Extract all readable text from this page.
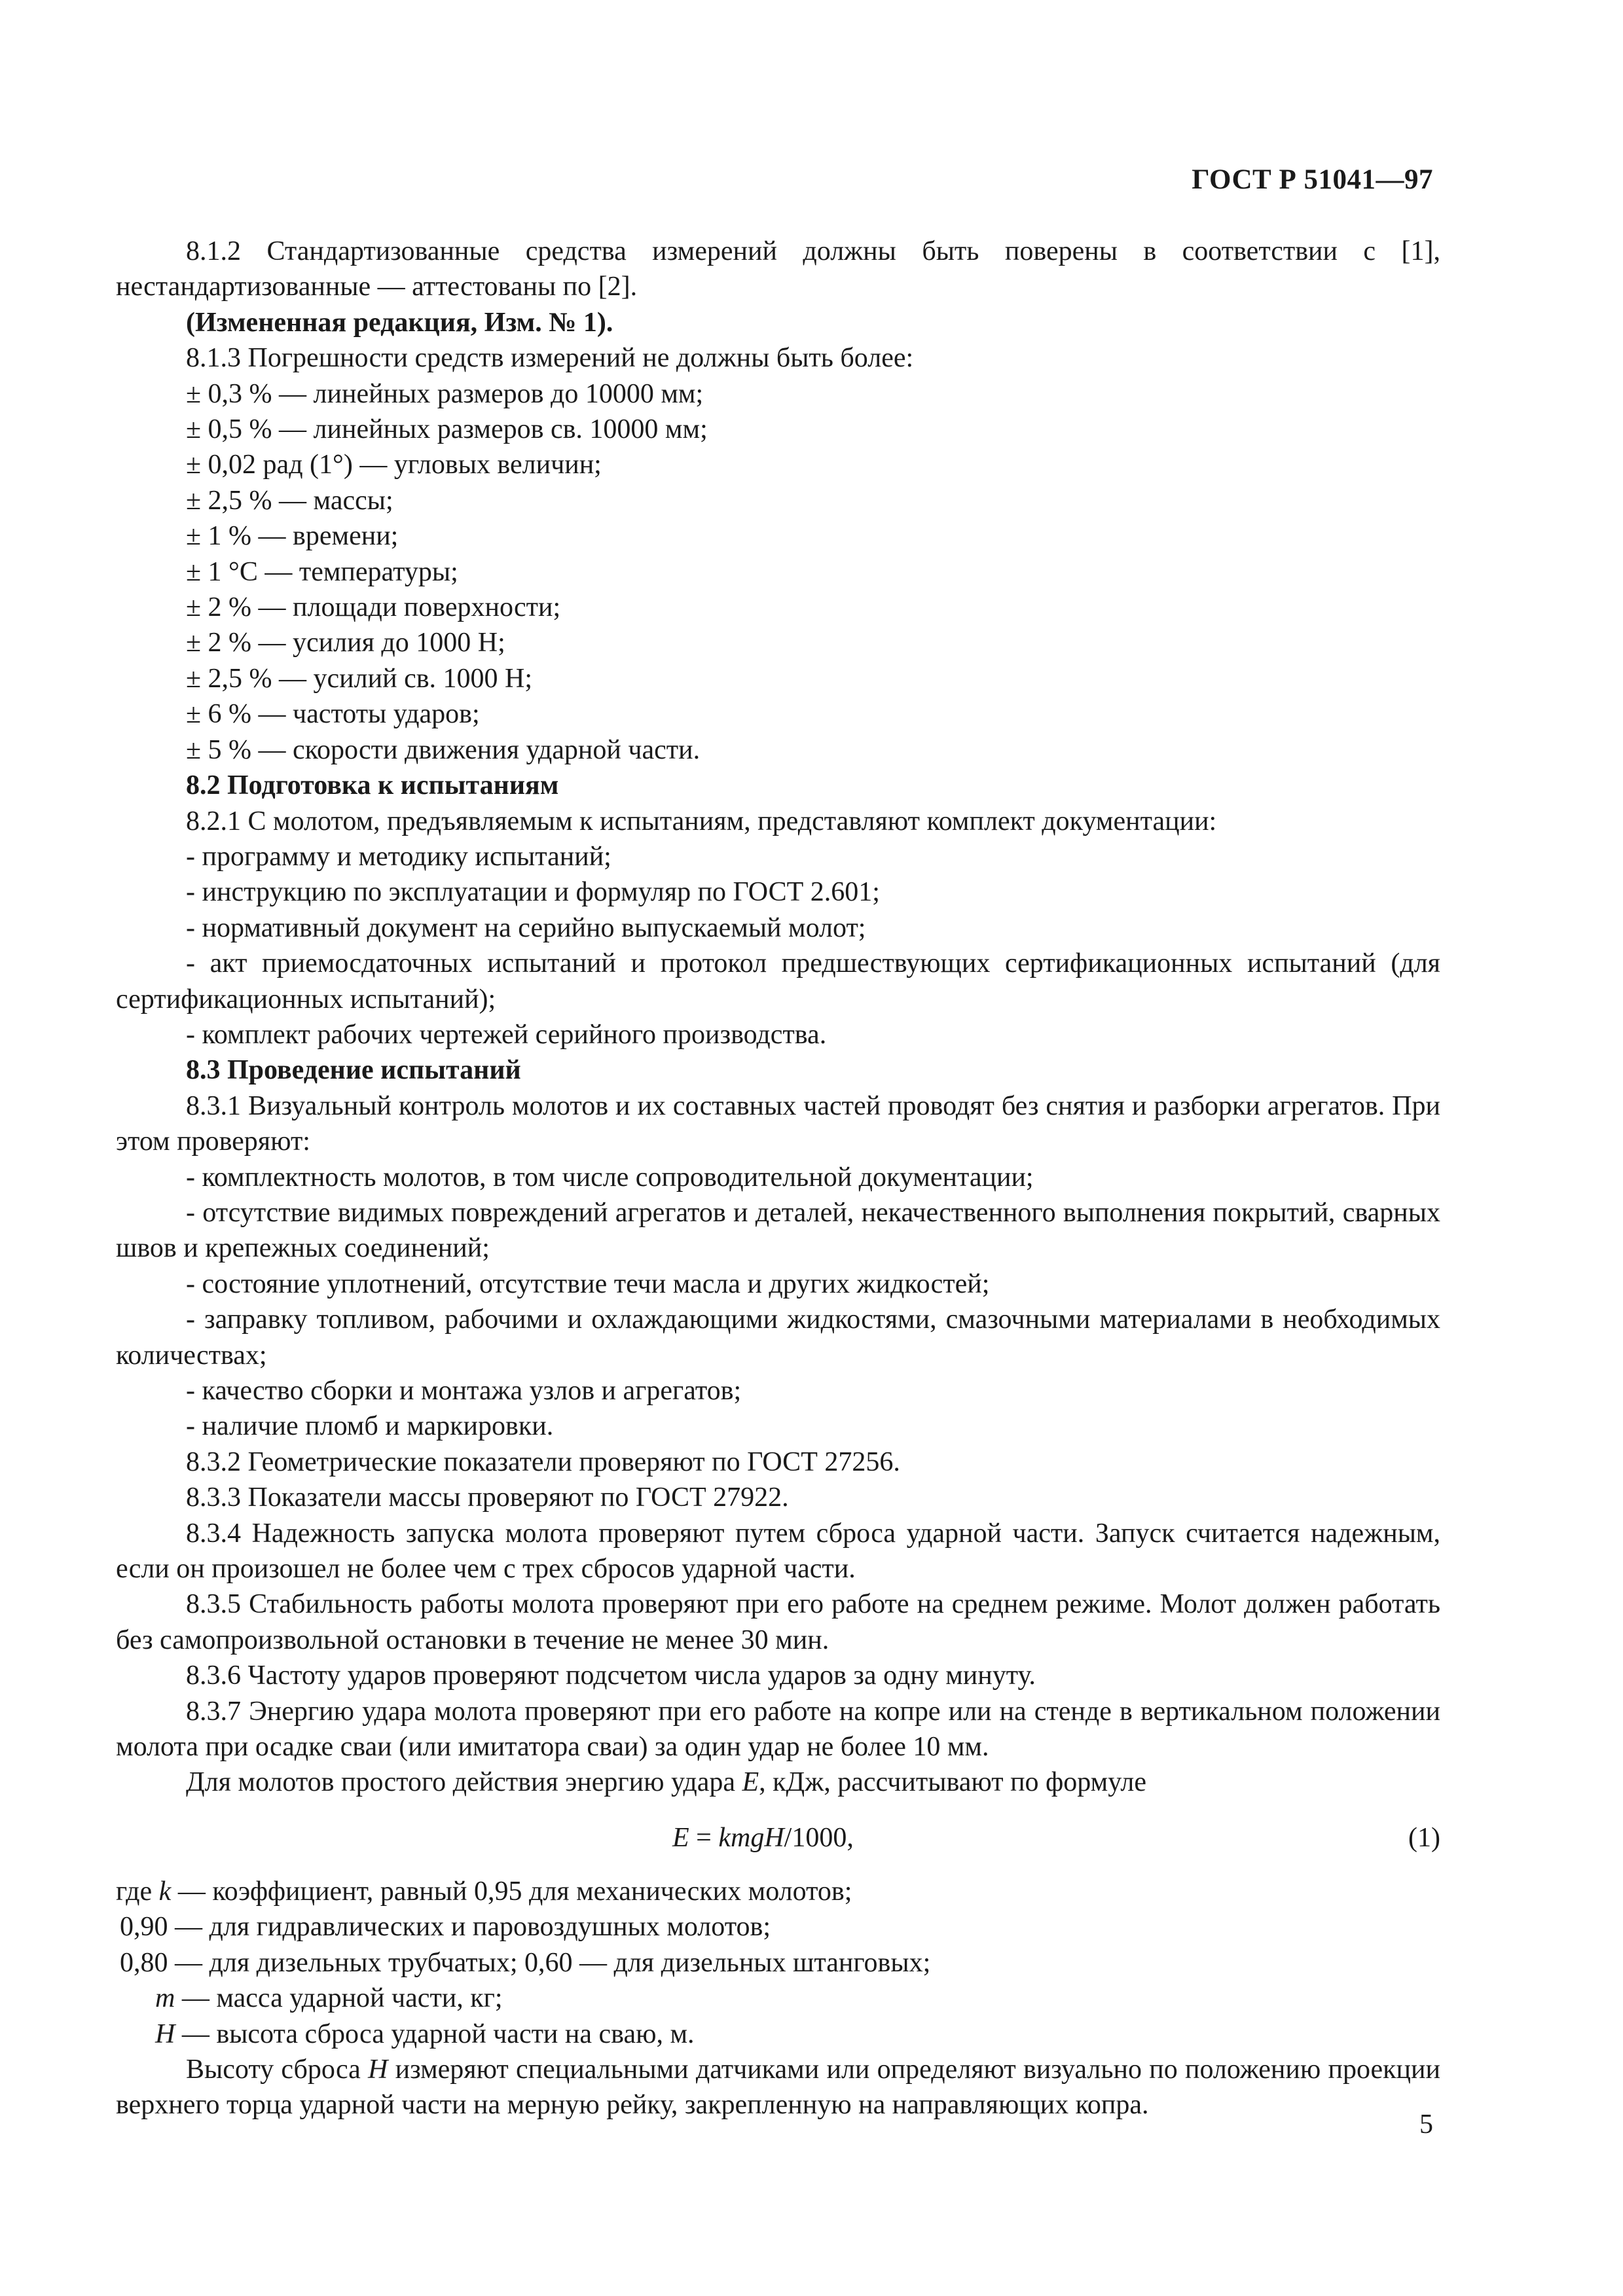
ГОСТ Р 51041—97

8.1.2 Стандартизованные средства измерений должны быть поверены в соответствии с [1], нестандартизованные — аттестованы по [2].

(Измененная редакция, Изм. № 1).

8.1.3 Погрешности средств измерений не должны быть более:

± 0,3 % — линейных размеров до 10000 мм;

± 0,5 % — линейных размеров св. 10000 мм;

± 0,02 рад (1°) — угловых величин;

± 2,5 % — массы;

± 1 % — времени;

± 1 °С — температуры;

± 2 % — площади поверхности;

± 2 % — усилия до 1000 Н;

± 2,5 % — усилий св. 1000 Н;

± 6 % — частоты ударов;

± 5 % — скорости движения ударной части.

8.2 Подготовка к испытаниям

8.2.1 С молотом, предъявляемым к испытаниям, представляют комплект документации:

- программу и методику испытаний;

- инструкцию по эксплуатации и формуляр по ГОСТ 2.601;

- нормативный документ на серийно выпускаемый молот;

- акт приемосдаточных испытаний и протокол предшествующих сертификационных испытаний (для сертификационных испытаний);

- комплект рабочих чертежей серийного производства.

8.3 Проведение испытаний

8.3.1 Визуальный контроль молотов и их составных частей проводят без снятия и разборки агрегатов. При этом проверяют:

- комплектность молотов, в том числе сопроводительной документации;

- отсутствие видимых повреждений агрегатов и деталей, некачественного выполнения покрытий, сварных швов и крепежных соединений;

- состояние уплотнений, отсутствие течи масла и других жидкостей;

- заправку топливом, рабочими и охлаждающими жидкостями, смазочными материалами в необходимых количествах;

- качество сборки и монтажа узлов и агрегатов;

- наличие пломб и маркировки.

8.3.2 Геометрические показатели проверяют по ГОСТ 27256.

8.3.3 Показатели массы проверяют по ГОСТ 27922.

8.3.4 Надежность запуска молота проверяют путем сброса ударной части. Запуск считается надежным, если он произошел не более чем с трех сбросов ударной части.

8.3.5 Стабильность работы молота проверяют при его работе на среднем режиме. Молот должен работать без самопроизвольной остановки в течение не менее 30 мин.

8.3.6 Частоту ударов проверяют подсчетом числа ударов за одну минуту.

8.3.7 Энергию удара молота проверяют при его работе на копре или на стенде в вертикальном положении молота при осадке сваи (или имитатора сваи) за один удар не более 10 мм.

Для молотов простого действия энергию удара Е, кДж, рассчитывают по формуле

Е = kmgH/1000,	(1)

где k — коэффициент, равный 0,95 для механических молотов;

0,90 — для гидравлических и паровоздушных молотов;

0,80 — для дизельных трубчатых; 0,60 — для дизельных штанговых;

m — масса ударной части, кг;

Н — высота сброса ударной части на сваю, м.

Высоту сброса Н измеряют специальными датчиками или определяют визуально по положению проекции верхнего торца ударной части на мерную рейку, закрепленную на направляющих копра.

5
